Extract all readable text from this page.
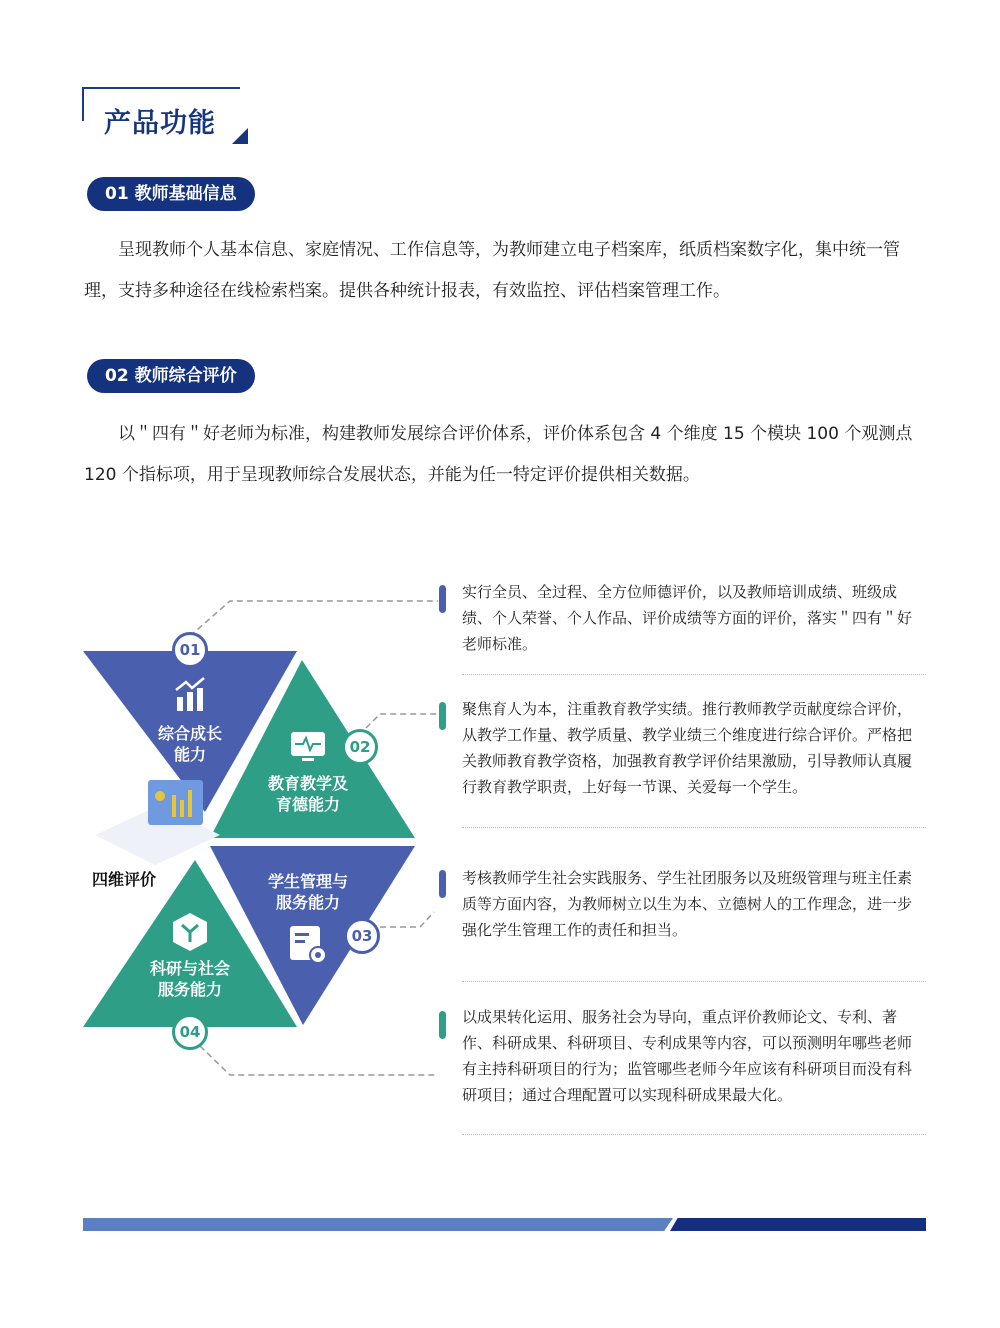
产品功能
01 教师基础信息
呈现教师个人基本信息、家庭情况、工作信息等，为教师建立电子档案库，纸质档案数字化，集中统一管理，支持多种途径在线检索档案。提供各种统计报表，有效监控、评估档案管理工作。
02 教师综合评价
以＂四有＂好老师为标准，构建教师发展综合评价体系，评价体系包含 4 个维度 15 个模块 100 个观测点 120 个指标项，用于呈现教师综合发展状态，并能为任一特定评价提供相关数据。
综合成长
能力
教育教学及
育德能力
学生管理与
服务能力
科研与社会
服务能力
01
02
03
04
四维评价
实行全员、全过程、全方位师德评价，以及教师培训成绩、班级成绩、个人荣誉、个人作品、评价成绩等方面的评价，落实＂四有＂好老师标准。
聚焦育人为本，注重教育教学实绩。推行教师教学贡献度综合评价，从教学工作量、教学质量、教学业绩三个维度进行综合评价。严格把关教师教育教学资格，加强教育教学评价结果激励，引导教师认真履行教育教学职责，上好每一节课、关爱每一个学生。
考核教师学生社会实践服务、学生社团服务以及班级管理与班主任素质等方面内容，为教师树立以生为本、立德树人的工作理念，进一步强化学生管理工作的责任和担当。
以成果转化运用、服务社会为导向，重点评价教师论文、专利、著作、科研成果、科研项目、专利成果等内容，可以预测明年哪些老师有主持科研项目的行为；监管哪些老师今年应该有科研项目而没有科研项目；通过合理配置可以实现科研成果最大化。
